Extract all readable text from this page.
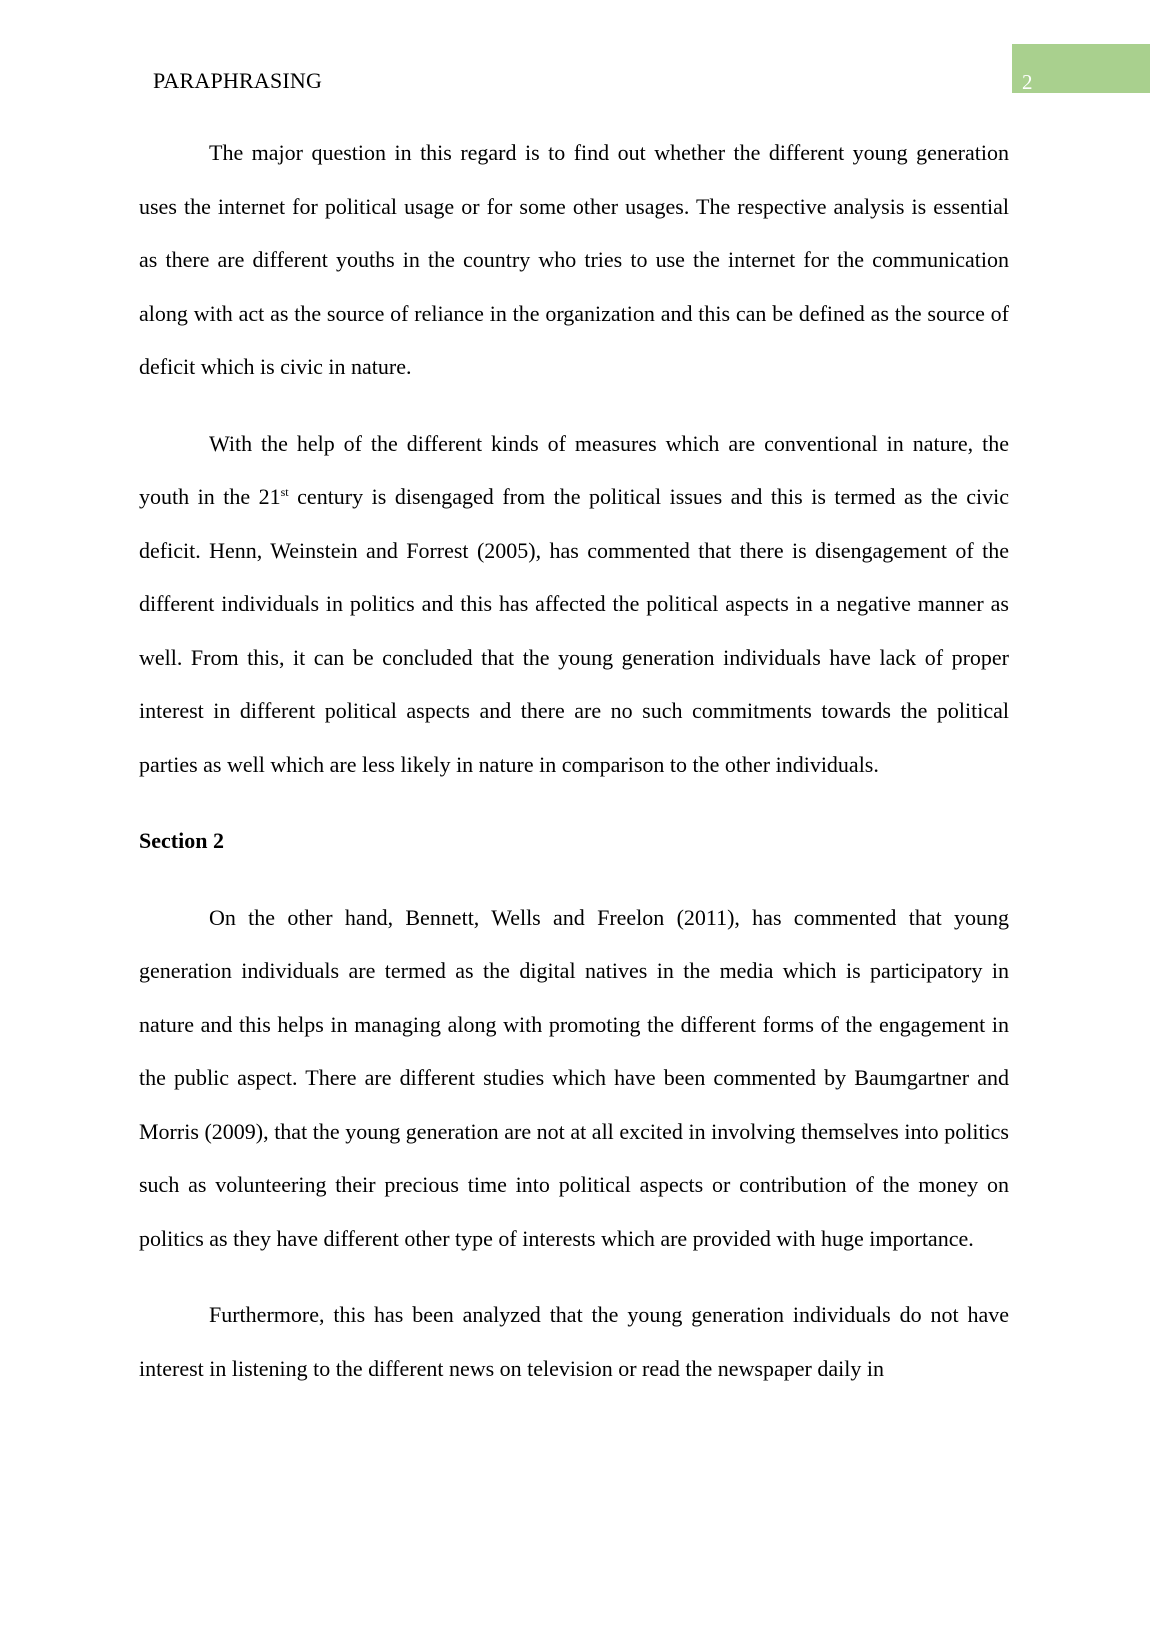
PARAPHRASING	2

The major question in this regard is to find out whether the different young generation uses the internet for political usage or for some other usages. The respective analysis is essential as there are different youths in the country who tries to use the internet for the communication along with act as the source of reliance in the organization and this can be defined as the source of deficit which is civic in nature.

With the help of the different kinds of measures which are conventional in nature, the youth in the 21st century is disengaged from the political issues and this is termed as the civic deficit. Henn, Weinstein and Forrest (2005), has commented that there is disengagement of the different individuals in politics and this has affected the political aspects in a negative manner as well. From this, it can be concluded that the young generation individuals have lack of proper interest in different political aspects and there are no such commitments towards the political parties as well which are less likely in nature in comparison to the other individuals.

Section 2

On the other hand, Bennett, Wells and Freelon (2011), has commented that young generation individuals are termed as the digital natives in the media which is participatory in nature and this helps in managing along with promoting the different forms of the engagement in the public aspect. There are different studies which have been commented by Baumgartner and Morris (2009), that the young generation are not at all excited in involving themselves into politics such as volunteering their precious time into political aspects or contribution of the money on politics as they have different other type of interests which are provided with huge importance.

Furthermore, this has been analyzed that the young generation individuals do not have interest in listening to the different news on television or read the newspaper daily in
